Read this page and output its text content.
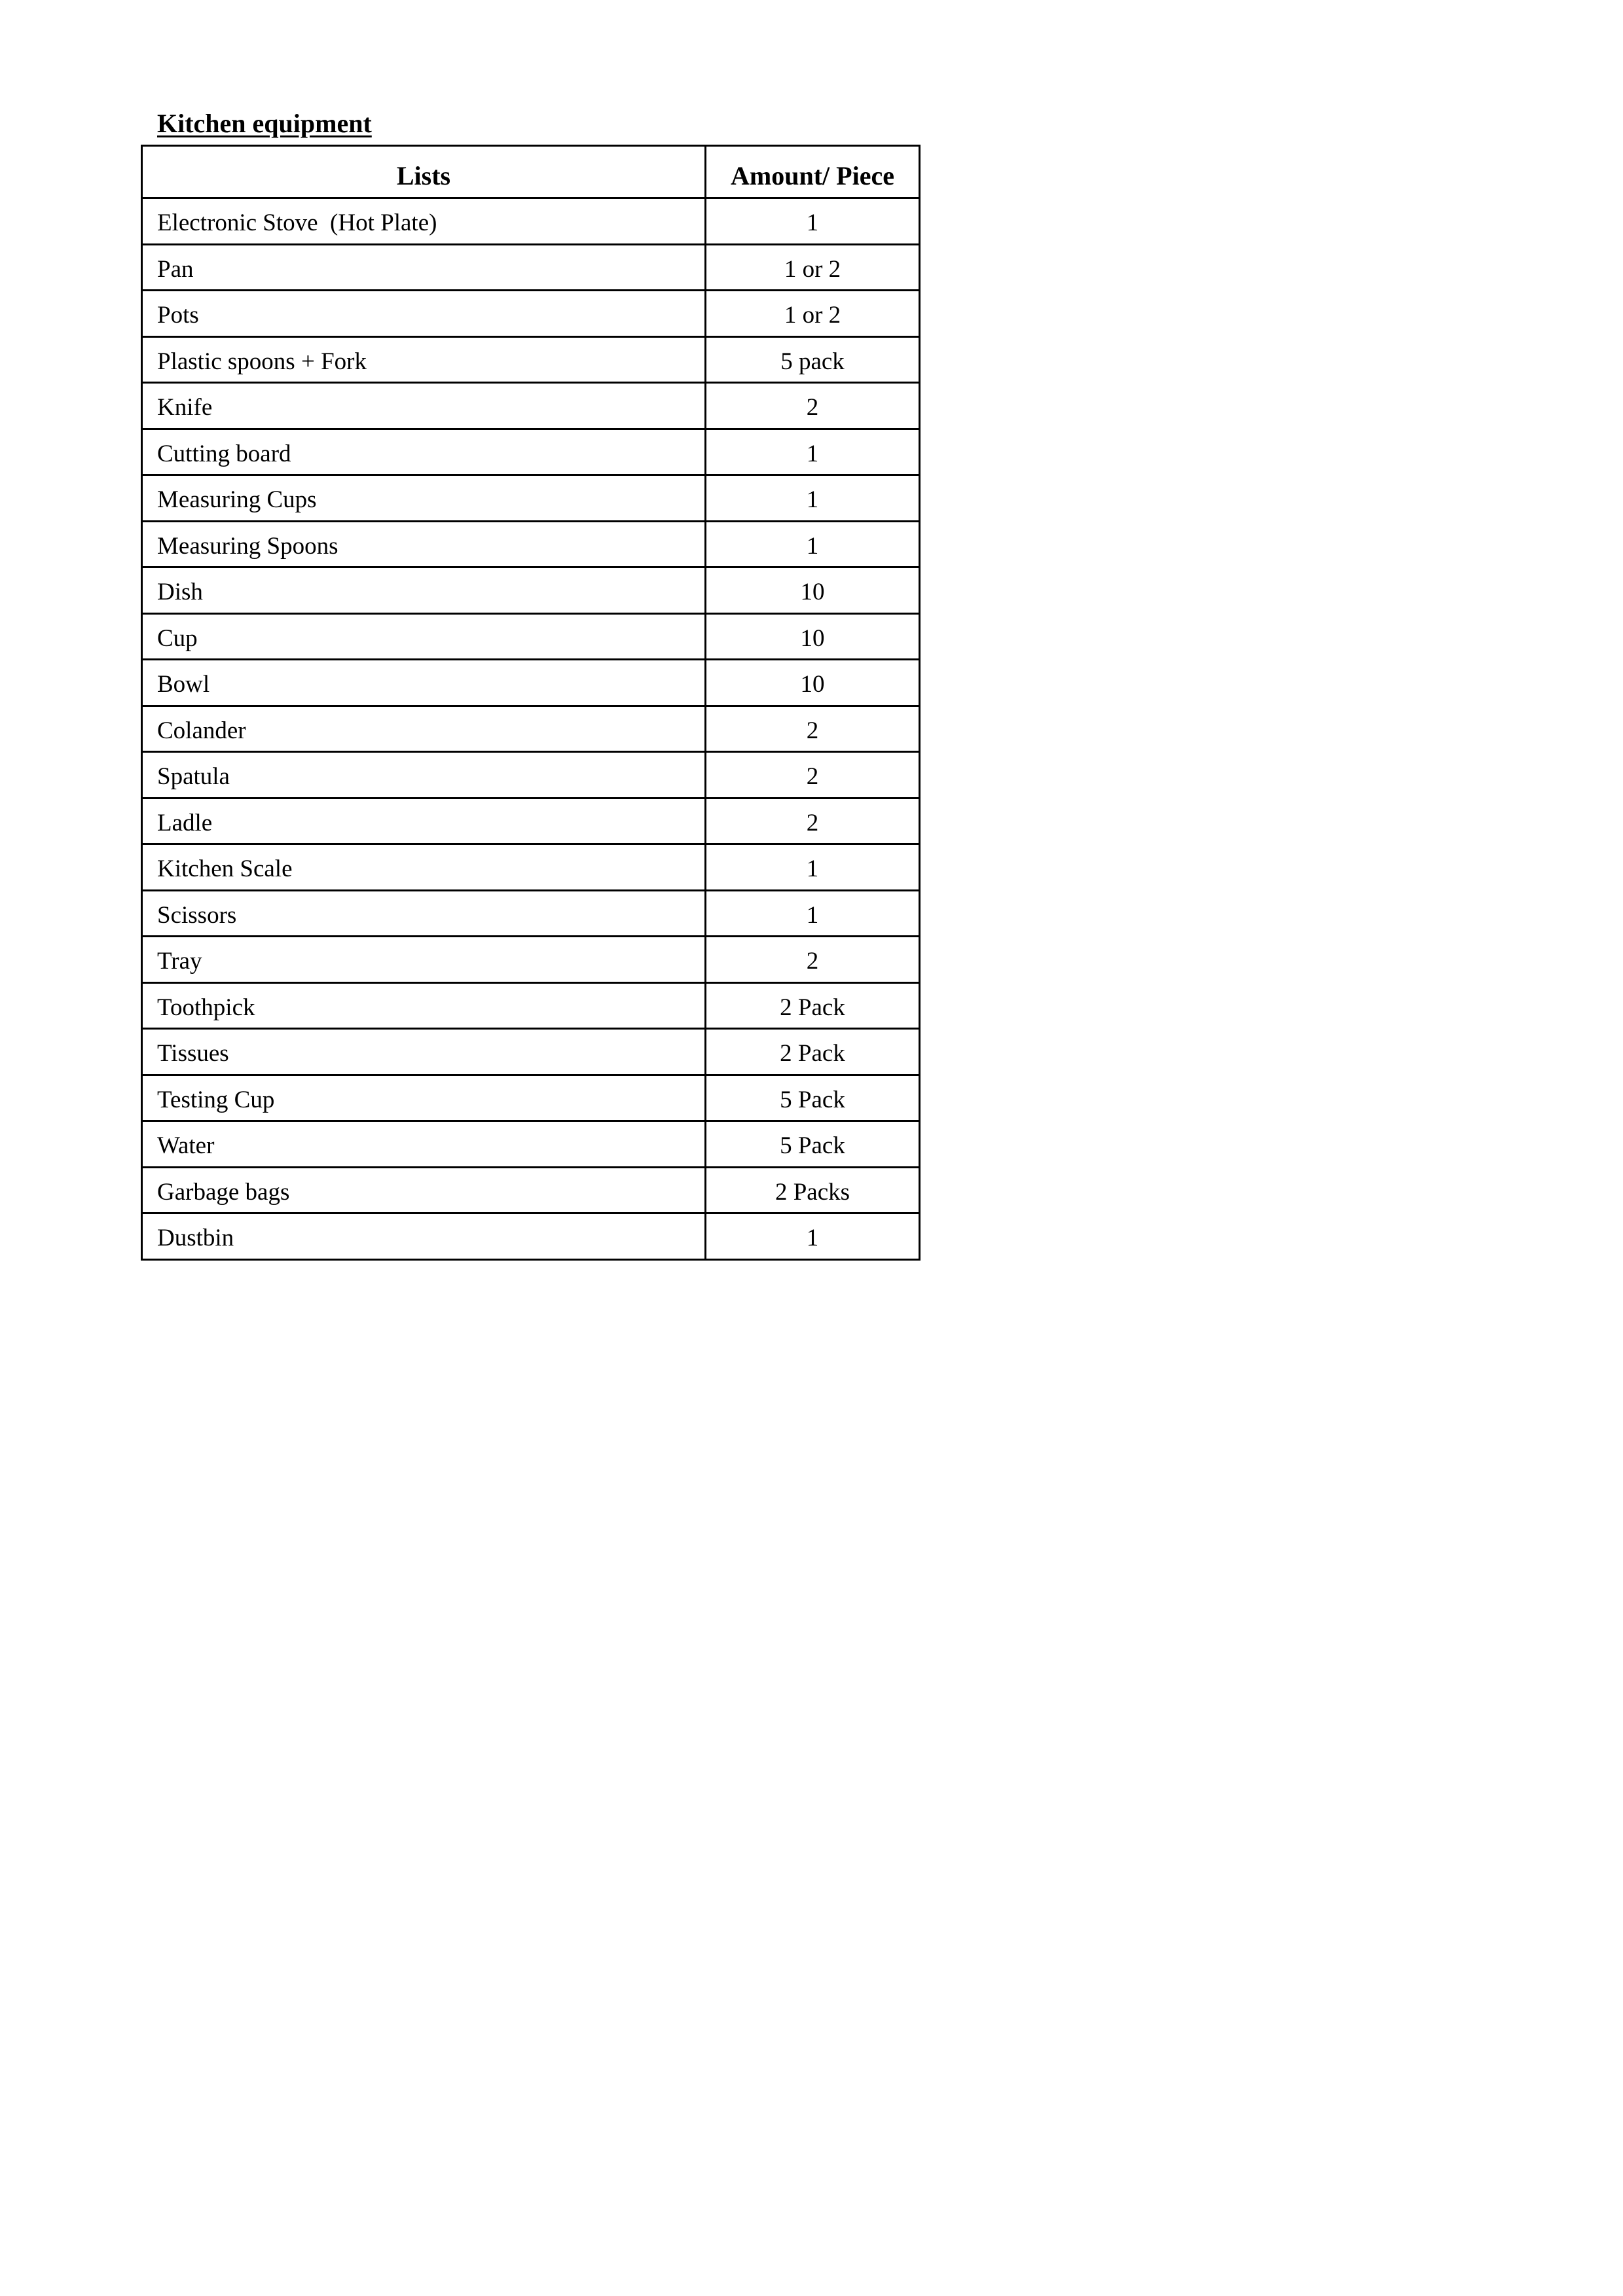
Kitchen equipment
Lists	Amount/ Piece
Electronic Stove  (Hot Plate)	1
Pan	1 or 2
Pots	1 or 2
Plastic spoons + Fork	5 pack
Knife	2
Cutting board	1
Measuring Cups	1
Measuring Spoons	1
Dish	10
Cup	10
Bowl	10
Colander	2
Spatula	2
Ladle	2
Kitchen Scale	1
Scissors	1
Tray	2
Toothpick	2 Pack
Tissues	2 Pack
Testing Cup	5 Pack
Water	5 Pack
Garbage bags	2 Packs
Dustbin	1
